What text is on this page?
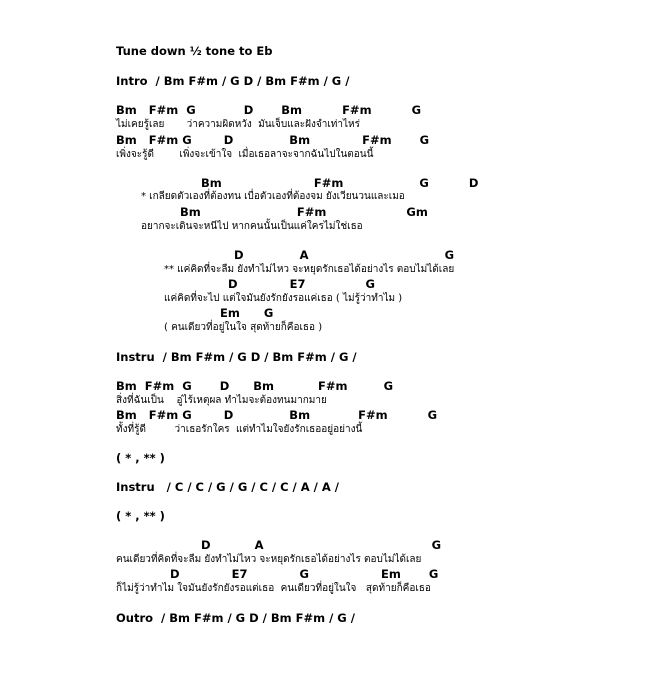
Tune down ½ tone to Eb
Intro  / Bm F#m / G D / Bm F#m / G /
Bm   F#m  G            D       Bm          F#m          G
ไม่เคยรู้เลย       ว่าความผิดหวัง  มันเจ็บและฝังจำเท่าไหร่
Bm   F#m G        D              Bm             F#m       G
เพิ่งจะรู้ดี        เพิ่งจะเข้าใจ  เมื่อเธอลาจะจากฉันไปในตอนนี้
Bm                       F#m                   G          D
* เกลียดตัวเองที่ต้องทน เบื่อตัวเองที่ต้องจม ยังเวียนวนและเมอ
Bm                        F#m                    Gm
อยากจะเดินจะหนีไป หากคนนั้นเป็นแค่ใครไม่ใช่เธอ
D              A                                  G
** แค่คิดที่จะลืม ยังทำไม่ไหว จะหยุดรักเธอได้อย่างไร ตอบไม่ได้เลย
D             E7               G
แค่คิดที่จะไป แต่ใจมันยังรักยังรอแค่เธอ ( ไม่รู้ว่าทำไม )
Em      G
( คนเดียวที่อยู่ในใจ สุดท้ายก็คือเธอ )
Instru  / Bm F#m / G D / Bm F#m / G /
Bm  F#m  G       D      Bm           F#m         G
สิ่งที่ฉันเป็น    อู่ไร้เหตุผล ทำไมจะต้องทนมากมาย
Bm   F#m G        D              Bm            F#m          G
ทั้งที่รู้ดี         ว่าเธอรักใคร  แต่ทำไมใจยังรักเธออยู่อย่างนี้
( * , ** )
Instru   / C / C / G / G / C / C / A / A /
( * , ** )
D           A                                          G
คนเดียวที่คิดที่จะลืม ยังทำไม่ไหว จะหยุดรักเธอได้อย่างไร ตอบไม่ได้เลย
D             E7             G                  Em       G
ก็ไม่รู้ว่าทำไม ใจมันยังรักยังรอแต่เธอ  คนเดียวที่อยู่ในใจ   สุดท้ายก็คือเธอ
Outro  / Bm F#m / G D / Bm F#m / G /
